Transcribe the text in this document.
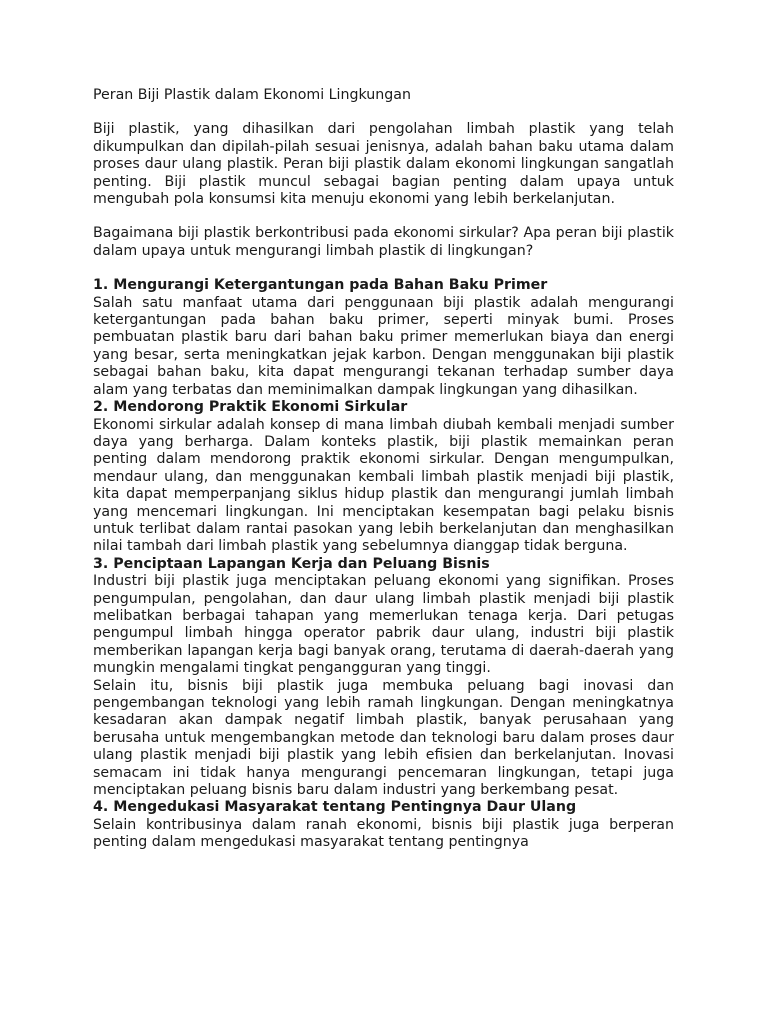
Peran Biji Plastik dalam Ekonomi Lingkungan

Biji plastik, yang dihasilkan dari pengolahan limbah plastik yang telah dikumpulkan dan dipilah-pilah sesuai jenisnya, adalah bahan baku utama dalam proses daur ulang plastik. Peran biji plastik dalam ekonomi lingkungan sangatlah penting. Biji plastik muncul sebagai bagian penting dalam upaya untuk mengubah pola konsumsi kita menuju ekonomi yang lebih berkelanjutan.

Bagaimana biji plastik berkontribusi pada ekonomi sirkular? Apa peran biji plastik dalam upaya untuk mengurangi limbah plastik di lingkungan?

1. Mengurangi Ketergantungan pada Bahan Baku Primer

Salah satu manfaat utama dari penggunaan biji plastik adalah mengurangi ketergantungan pada bahan baku primer, seperti minyak bumi. Proses pembuatan plastik baru dari bahan baku primer memerlukan biaya dan energi yang besar, serta meningkatkan jejak karbon. Dengan menggunakan biji plastik sebagai bahan baku, kita dapat mengurangi tekanan terhadap sumber daya alam yang terbatas dan meminimalkan dampak lingkungan yang dihasilkan.

2. Mendorong Praktik Ekonomi Sirkular

Ekonomi sirkular adalah konsep di mana limbah diubah kembali menjadi sumber daya yang berharga. Dalam konteks plastik, biji plastik memainkan peran penting dalam mendorong praktik ekonomi sirkular. Dengan mengumpulkan, mendaur ulang, dan menggunakan kembali limbah plastik menjadi biji plastik, kita dapat memperpanjang siklus hidup plastik dan mengurangi jumlah limbah yang mencemari lingkungan. Ini menciptakan kesempatan bagi pelaku bisnis untuk terlibat dalam rantai pasokan yang lebih berkelanjutan dan menghasilkan nilai tambah dari limbah plastik yang sebelumnya dianggap tidak berguna.

3. Penciptaan Lapangan Kerja dan Peluang Bisnis

Industri biji plastik juga menciptakan peluang ekonomi yang signifikan. Proses pengumpulan, pengolahan, dan daur ulang limbah plastik menjadi biji plastik melibatkan berbagai tahapan yang memerlukan tenaga kerja. Dari petugas pengumpul limbah hingga operator pabrik daur ulang, industri biji plastik memberikan lapangan kerja bagi banyak orang, terutama di daerah-daerah yang mungkin mengalami tingkat pengangguran yang tinggi.

Selain itu, bisnis biji plastik juga membuka peluang bagi inovasi dan pengembangan teknologi yang lebih ramah lingkungan. Dengan meningkatnya kesadaran akan dampak negatif limbah plastik, banyak perusahaan yang berusaha untuk mengembangkan metode dan teknologi baru dalam proses daur ulang plastik menjadi biji plastik yang lebih efisien dan berkelanjutan. Inovasi semacam ini tidak hanya mengurangi pencemaran lingkungan, tetapi juga menciptakan peluang bisnis baru dalam industri yang berkembang pesat.

4. Mengedukasi Masyarakat tentang Pentingnya Daur Ulang

Selain kontribusinya dalam ranah ekonomi, bisnis biji plastik juga berperan penting dalam mengedukasi masyarakat tentang pentingnya
